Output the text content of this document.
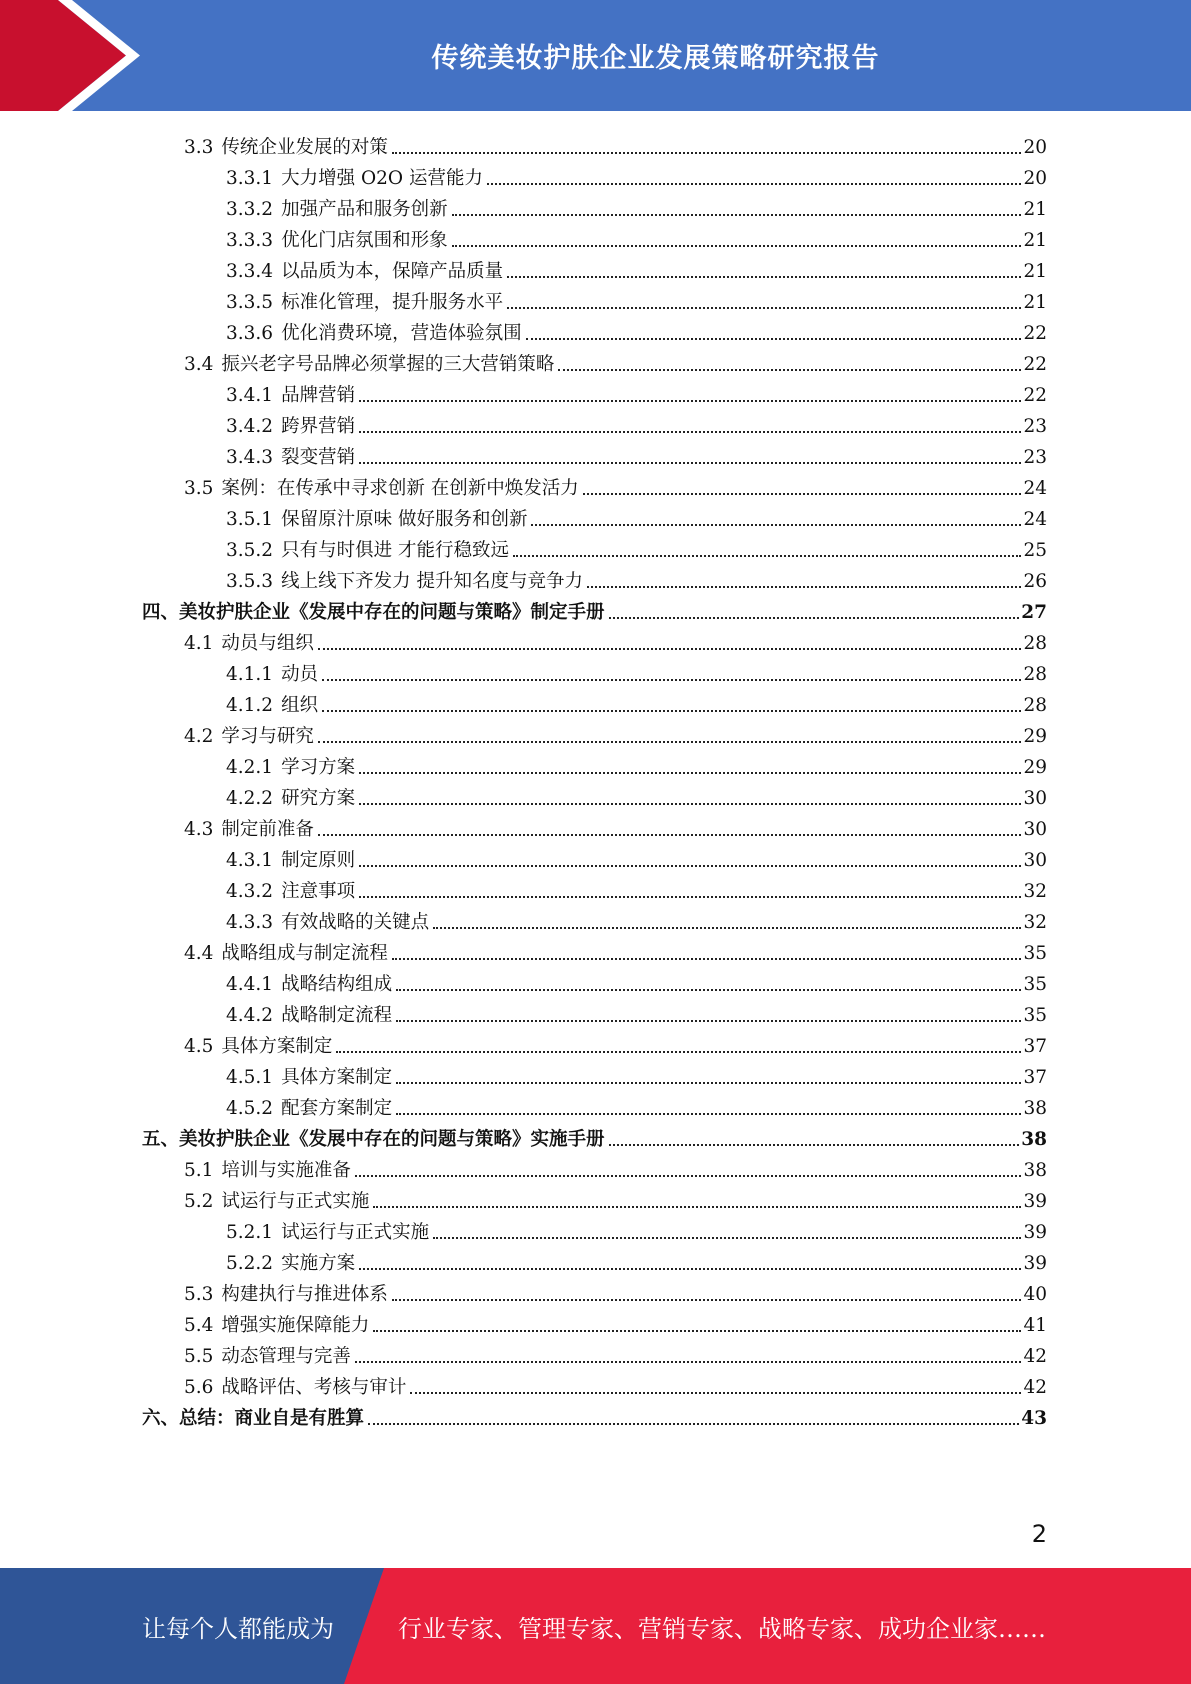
传统美妆护肤企业发展策略研究报告
3.3 传统企业发展的对策	20
3.3.1 大力增强 O2O 运营能力	20
3.3.2 加强产品和服务创新	21
3.3.3 优化门店氛围和形象	21
3.3.4 以品质为本，保障产品质量	21
3.3.5 标准化管理，提升服务水平	21
3.3.6 优化消费环境，营造体验氛围	22
3.4 振兴老字号品牌必须掌握的三大营销策略	22
3.4.1 品牌营销	22
3.4.2 跨界营销	23
3.4.3 裂变营销	23
3.5 案例：在传承中寻求创新 在创新中焕发活力	24
3.5.1 保留原汁原味 做好服务和创新	24
3.5.2 只有与时俱进 才能行稳致远	25
3.5.3 线上线下齐发力 提升知名度与竞争力	26
四、美妆护肤企业《发展中存在的问题与策略》制定手册	27
4.1 动员与组织	28
4.1.1 动员	28
4.1.2 组织	28
4.2 学习与研究	29
4.2.1 学习方案	29
4.2.2 研究方案	30
4.3 制定前准备	30
4.3.1 制定原则	30
4.3.2 注意事项	32
4.3.3 有效战略的关键点	32
4.4 战略组成与制定流程	35
4.4.1 战略结构组成	35
4.4.2 战略制定流程	35
4.5 具体方案制定	37
4.5.1 具体方案制定	37
4.5.2 配套方案制定	38
五、美妆护肤企业《发展中存在的问题与策略》实施手册	38
5.1 培训与实施准备	38
5.2 试运行与正式实施	39
5.2.1 试运行与正式实施	39
5.2.2 实施方案	39
5.3 构建执行与推进体系	40
5.4 增强实施保障能力	41
5.5 动态管理与完善	42
5.6 战略评估、考核与审计	42
六、总结：商业自是有胜算	43
2
让每个人都能成为	行业专家、管理专家、营销专家、战略专家、成功企业家……
